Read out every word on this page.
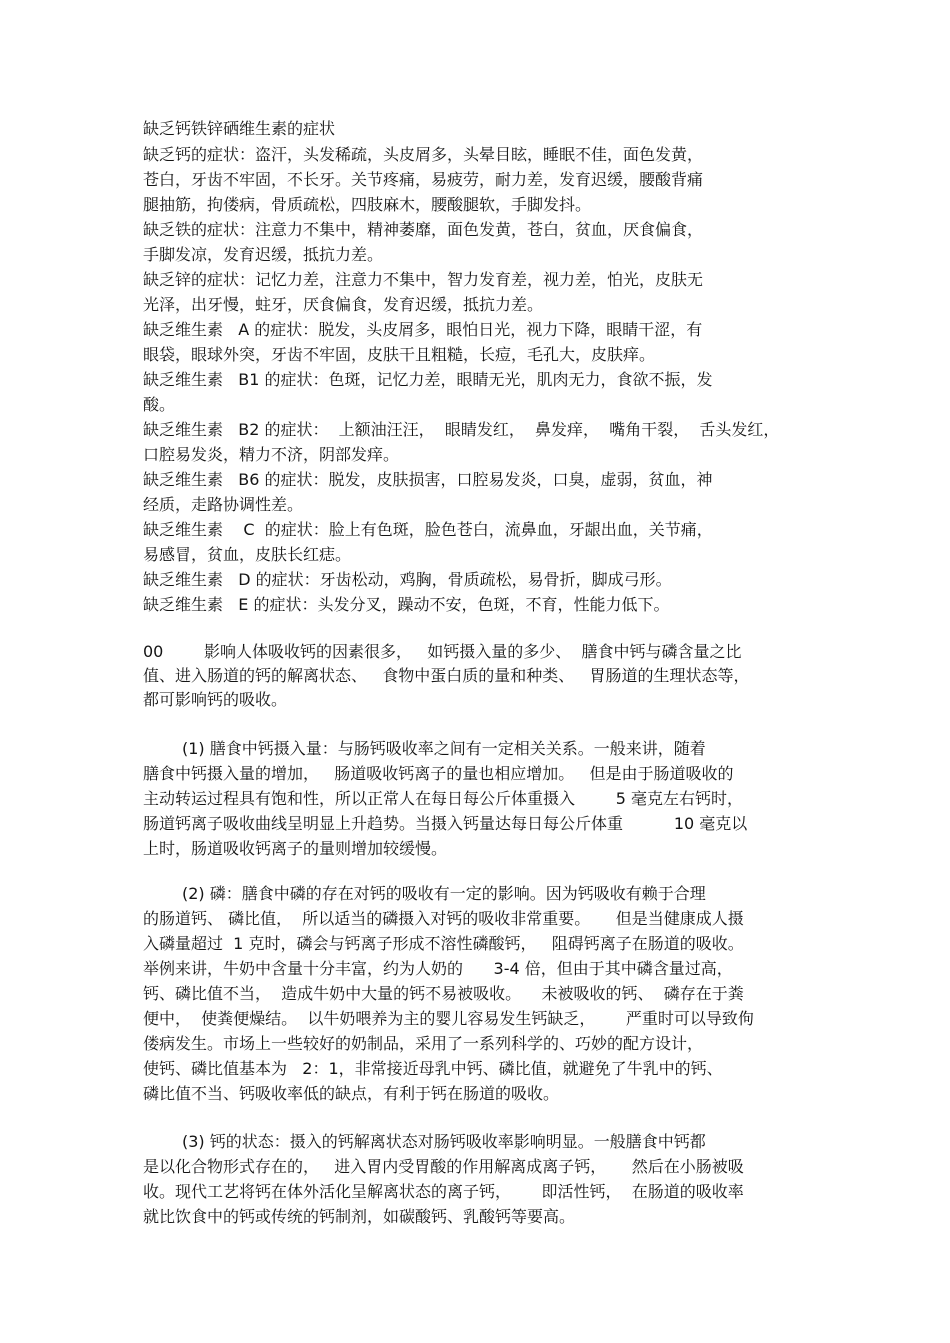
缺乏钙铁锌硒维生素的症状
缺乏钙的症状：盗汗，头发稀疏，头皮屑多，头晕目眩，睡眠不佳，面色发黄，
苍白，牙齿不牢固，不长牙。关节疼痛，易疲劳，耐力差，发育迟缓，腰酸背痛
腿抽筋，拘偻病，骨质疏松，四肢麻木，腰酸腿软，手脚发抖。
缺乏铁的症状：注意力不集中，精神萎靡，面色发黄，苍白，贫血，厌食偏食，
手脚发凉，发育迟缓，抵抗力差。
缺乏锌的症状：记忆力差，注意力不集中，智力发育差，视力差，怕光，皮肤无
光泽，出牙慢，蛀牙，厌食偏食，发育迟缓，抵抗力差。
缺乏维生素   A 的症状：脱发，头皮屑多，眼怕日光，视力下降，眼睛干涩，有
眼袋，眼球外突，牙齿不牢固，皮肤干且粗糙，长痘，毛孔大，皮肤痒。
缺乏维生素   B1 的症状：色斑，记忆力差，眼睛无光，肌肉无力，食欲不振，发
酸。
缺乏维生素   B2 的症状：  上额油汪汪，  眼睛发红，  鼻发痒，  嘴角干裂，  舌头发红，
口腔易发炎，精力不济，阴部发痒。
缺乏维生素   B6 的症状：脱发，皮肤损害，口腔易发炎，口臭，虚弱，贫血，神
经质，走路协调性差。
缺乏维生素    C  的症状：脸上有色斑，脸色苍白，流鼻血，牙龈出血，关节痛，
易感冒，贫血，皮肤长红痣。
缺乏维生素   D 的症状：牙齿松动，鸡胸，骨质疏松，易骨折，脚成弓形。
缺乏维生素   E 的症状：头发分叉，躁动不安，色斑，不育，性能力低下。
00        影响人体吸收钙的因素很多，   如钙摄入量的多少、  膳食中钙与磷含量之比
值、进入肠道的钙的解离状态、   食物中蛋白质的量和种类、   胃肠道的生理状态等，
都可影响钙的吸收。
(1) 膳食中钙摄入量：与肠钙吸收率之间有一定相关关系。一般来讲，随着
膳食中钙摄入量的增加，   肠道吸收钙离子的量也相应增加。   但是由于肠道吸收的
主动转运过程具有饱和性，所以正常人在每日每公斤体重摄入        5 毫克左右钙时，
肠道钙离子吸收曲线呈明显上升趋势。当摄入钙量达每日每公斤体重          10 毫克以
上时，肠道吸收钙离子的量则增加较缓慢。
(2) 磷：膳食中磷的存在对钙的吸收有一定的影响。因为钙吸收有赖于合理
的肠道钙、 磷比值，  所以适当的磷摄入对钙的吸收非常重要。     但是当健康成人摄
入磷量超过  1 克时，磷会与钙离子形成不溶性磷酸钙，   阻碍钙离子在肠道的吸收。
举例来讲，牛奶中含量十分丰富，约为人奶的      3-4 倍，但由于其中磷含量过高，
钙、磷比值不当，  造成牛奶中大量的钙不易被吸收。    未被吸收的钙、  磷存在于粪
便中，  使粪便燥结。  以牛奶喂养为主的婴儿容易发生钙缺乏，      严重时可以导致佝
偻病发生。市场上一些较好的奶制品，采用了一系列科学的、巧妙的配方设计，
使钙、磷比值基本为   2：1，非常接近母乳中钙、磷比值，就避免了牛乳中的钙、
磷比值不当、钙吸收率低的缺点，有利于钙在肠道的吸收。
(3) 钙的状态：摄入的钙解离状态对肠钙吸收率影响明显。一般膳食中钙都
是以化合物形式存在的，   进入胃内受胃酸的作用解离成离子钙，     然后在小肠被吸
收。现代工艺将钙在体外活化呈解离状态的离子钙，      即活性钙，  在肠道的吸收率
就比饮食中的钙或传统的钙制剂，如碳酸钙、乳酸钙等要高。
